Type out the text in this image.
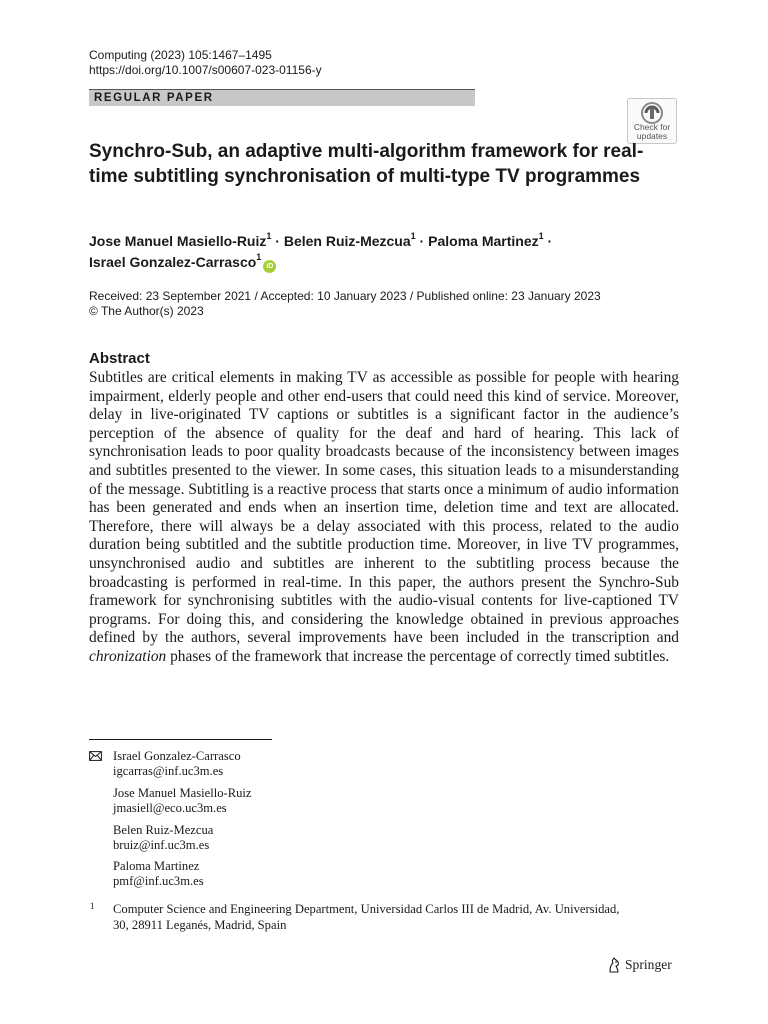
Computing (2023) 105:1467–1495
https://doi.org/10.1007/s00607-023-01156-y
REGULAR PAPER
Check for
updates
Synchro-Sub, an adaptive multi-algorithm framework for real-time subtitling synchronisation of multi-type TV programmes
Jose Manuel Masiello-Ruiz$^1$ · Belen Ruiz-Mezcua$^1$ · Paloma Martinez$^1$ ·
Israel Gonzalez-Carrasco$^1$iD
Received: 23 September 2021 / Accepted: 10 January 2023 / Published online: 23 January 2023
© The Author(s) 2023
Abstract

Subtitles are critical elements in making TV as accessible as possible for people with hearing impairment, elderly people and other end-users that could need this kind of service. Moreover, delay in live-originated TV captions or subtitles is a significant factor in the audience’s perception of the absence of quality for the deaf and hard of hearing. This lack of synchronisation leads to poor quality broadcasts because of the inconsistency between images and subtitles presented to the viewer. In some cases, this situation leads to a misunderstanding of the message. Subtitling is a reactive process that starts once a minimum of audio information has been generated and ends when an insertion time, deletion time and text are allocated. Therefore, there will always be a delay associated with this process, related to the audio duration being subtitled and the subtitle production time. Moreover, in live TV programmes, unsynchronised audio and subtitles are inherent to the subtitling process because the broadcasting is performed in real-time. In this paper, the authors present the Synchro-Sub framework for synchronising subtitles with the audio-visual contents for live-captioned TV programs. For doing this, and considering the knowledge obtained in previous approaches defined by the authors, several improvements have been included in the transcription and chronization phases of the framework that increase the percentage of correctly timed subtitles.

Israel Gonzalez-Carrasco
igcarras@inf.uc3m.es
Jose Manuel Masiello-Ruiz
jmasiell@eco.uc3m.es
Belen Ruiz-Mezcua
bruiz@inf.uc3m.es
Paloma Martinez
pmf@inf.uc3m.es
1 Computer Science and Engineering Department, Universidad Carlos III de Madrid, Av. Universidad,
30, 28911 Leganés, Madrid, Spain
Springer
